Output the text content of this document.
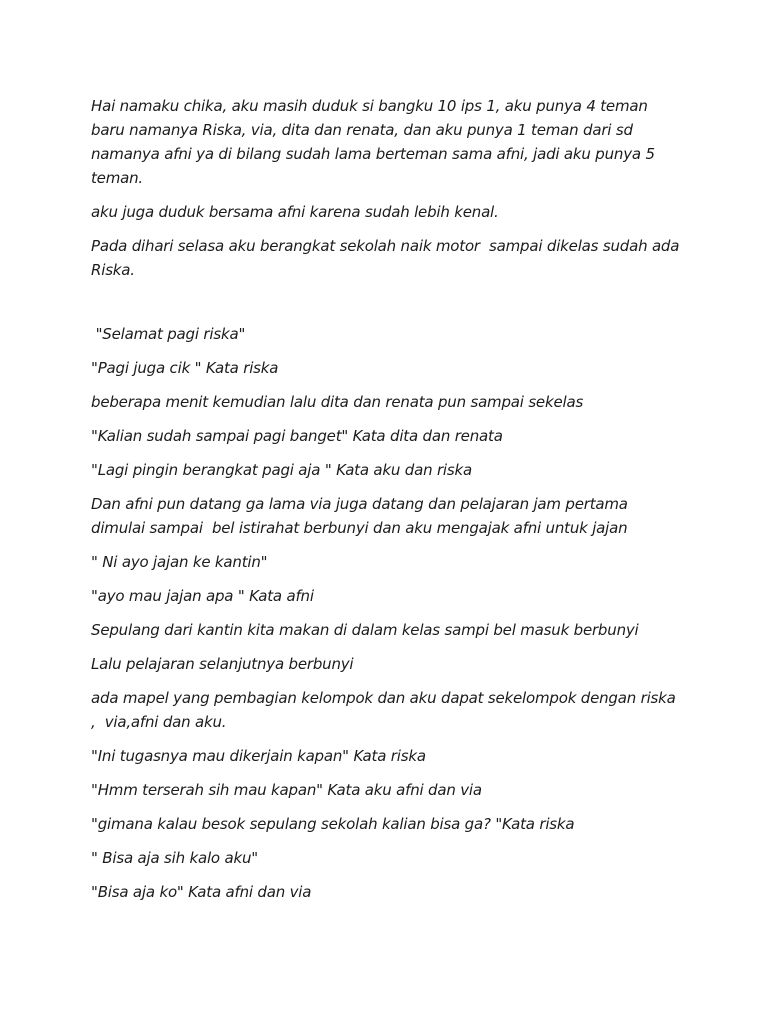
Hai namaku chika, aku masih duduk si bangku 10 ips 1, aku punya 4 teman baru namanya Riska, via, dita dan renata, dan aku punya 1 teman dari sd namanya afni ya di bilang sudah lama berteman sama afni, jadi aku punya 5 teman.

aku juga duduk bersama afni karena sudah lebih kenal.

Pada dihari selasa aku berangkat sekolah naik motor  sampai dikelas sudah ada Riska.

"Selamat pagi riska"

"Pagi juga cik " Kata riska

beberapa menit kemudian lalu dita dan renata pun sampai sekelas

"Kalian sudah sampai pagi banget" Kata dita dan renata

"Lagi pingin berangkat pagi aja " Kata aku dan riska

Dan afni pun datang ga lama via juga datang dan pelajaran jam pertama dimulai sampai  bel istirahat berbunyi dan aku mengajak afni untuk jajan

" Ni ayo jajan ke kantin"

"ayo mau jajan apa " Kata afni

Sepulang dari kantin kita makan di dalam kelas sampi bel masuk berbunyi

Lalu pelajaran selanjutnya berbunyi

ada mapel yang pembagian kelompok dan aku dapat sekelompok dengan riska ,  via,afni dan aku.

"Ini tugasnya mau dikerjain kapan" Kata riska

"Hmm terserah sih mau kapan" Kata aku afni dan via

"gimana kalau besok sepulang sekolah kalian bisa ga? "Kata riska

" Bisa aja sih kalo aku"

"Bisa aja ko" Kata afni dan via
